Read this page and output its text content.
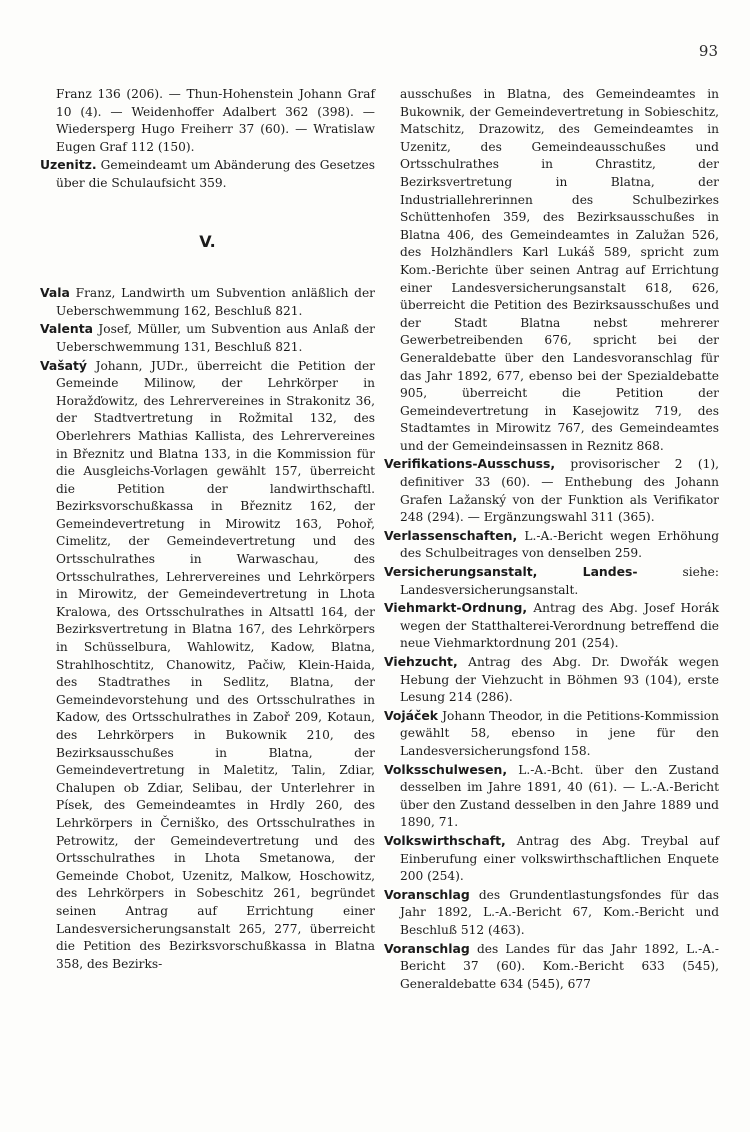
93

Franz 136 (206). — Thun-Hohenstein Johann Graf 10 (4). — Weidenhoffer Adalbert 362 (398). — Wiedersperg Hugo Freiherr 37 (60). — Wratislaw Eugen Graf 112 (150).

Uzenitz. Gemeindeamt um Abänderung des Gesetzes über die Schulaufsicht 359.

V.

Vala Franz, Landwirth um Subvention anläßlich der Ueberschwemmung 162, Beschluß 821.

Valenta Josef, Müller, um Subvention aus Anlaß der Ueberschwemmung 131, Beschluß 821.

Vašatý Johann, JUDr., überreicht die Petition der Gemeinde Milinow, der Lehrkörper in Horažďowitz, des Lehrervereines in Strakonitz 36, der Stadtvertretung in Rožmital 132, des Oberlehrers Mathias Kallista, des Lehrervereines in Březnitz und Blatna 133, in die Kommission für die Ausgleichs-Vorlagen gewählt 157, überreicht die Petition der landwirthschaftl. Bezirksvorschußkassa in Březnitz 162, der Gemeindevertretung in Mirowitz 163, Pohoř, Cimelitz, der Gemeindevertretung und des Ortsschulrathes in Warwaschau, des Ortsschulrathes, Lehrervereines und Lehrkörpers in Mirowitz, der Gemeindevertretung in Lhota Kralowa, des Ortsschulrathes in Altsattl 164, der Bezirksvertretung in Blatna 167, des Lehrkörpers in Schüsselbura, Wahlowitz, Kadow, Blatna, Strahlhoschtitz, Chanowitz, Pačiw, Klein-Haida, des Stadtrathes in Sedlitz, Blatna, der Gemeindevorstehung und des Ortsschulrathes in Kadow, des Ortsschulrathes in Zaboř 209, Kotaun, des Lehrkörpers in Bukownik 210, des Bezirksausschußes in Blatna, der Gemeindevertretung in Maletitz, Talin, Zdiar, Chalupen ob Zdiar, Selibau, der Unterlehrer in Písek, des Gemeindeamtes in Hrdly 260, des Lehrkörpers in Černiško, des Ortsschulrathes in Petrowitz, der Gemeindevertretung und des Ortsschulrathes in Lhota Smetanowa, der Gemeinde Chobot, Uzenitz, Malkow, Hoschowitz, des Lehrkörpers in Sobeschitz 261, begründet seinen Antrag auf Errichtung einer Landesversicherungsanstalt 265, 277, überreicht die Petition des Bezirksvorschußkassa in Blatna 358, des Bezirks-

ausschußes in Blatna, des Gemeindeamtes in Bukownik, der Gemeindevertretung in Sobieschitz, Matschitz, Drazowitz, des Gemeindeamtes in Uzenitz, des Gemeindeausschußes und Ortsschulrathes in Chrastitz, der Bezirksvertretung in Blatna, der Industriallehrerinnen des Schulbezirkes Schüttenhofen 359, des Bezirksausschußes in Blatna 406, des Gemeindeamtes in Zalužan 526, des Holzhändlers Karl Lukáš 589, spricht zum Kom.-Berichte über seinen Antrag auf Errichtung einer Landesversicherungsanstalt 618, 626, überreicht die Petition des Bezirksausschußes und der Stadt Blatna nebst mehrerer Gewerbetreibenden 676, spricht bei der Generaldebatte über den Landesvoranschlag für das Jahr 1892, 677, ebenso bei der Spezialdebatte 905, überreicht die Petition der Gemeindevertretung in Kasejowitz 719, des Stadtamtes in Mirowitz 767, des Gemeindeamtes und der Gemeindeinsassen in Reznitz 868.

Verifikations-Ausschuss, provisorischer 2 (1), definitiver 33 (60). — Enthebung des Johann Grafen Lažanský von der Funktion als Verifikator 248 (294). — Ergänzungswahl 311 (365).

Verlassenschaften, L.-A.-Bericht wegen Erhöhung des Schulbeitrages von denselben 259.

Versicherungsanstalt, Landes-	siehe: Landesversicherungsanstalt.

Viehmarkt-Ordnung, Antrag des Abg. Josef Horák wegen der Statthalterei-Verordnung betreffend die neue Viehmarktordnung 201 (254).

Viehzucht, Antrag des Abg. Dr. Dwořák wegen Hebung der Viehzucht in Böhmen 93 (104), erste Lesung 214 (286).

Vojáček Johann Theodor, in die Petitions-Kommission gewählt 58, ebenso in jene für den Landesversicherungsfond 158.

Volksschulwesen, L.-A.-Bcht. über den Zustand desselben im Jahre 1891, 40 (61). — L.-A.-Bericht über den Zustand desselben in den Jahre 1889 und 1890, 71.

Volkswirthschaft, Antrag des Abg. Treybal auf Einberufung einer volkswirthschaftlichen Enquete 200 (254).

Voranschlag des Grundentlastungsfondes für das Jahr 1892, L.-A.-Bericht 67, Kom.-Bericht und Beschluß 512 (463).

Voranschlag des Landes für das Jahr 1892, L.-A.-Bericht 37 (60). Kom.-Bericht 633 (545), Generaldebatte 634 (545), 677
